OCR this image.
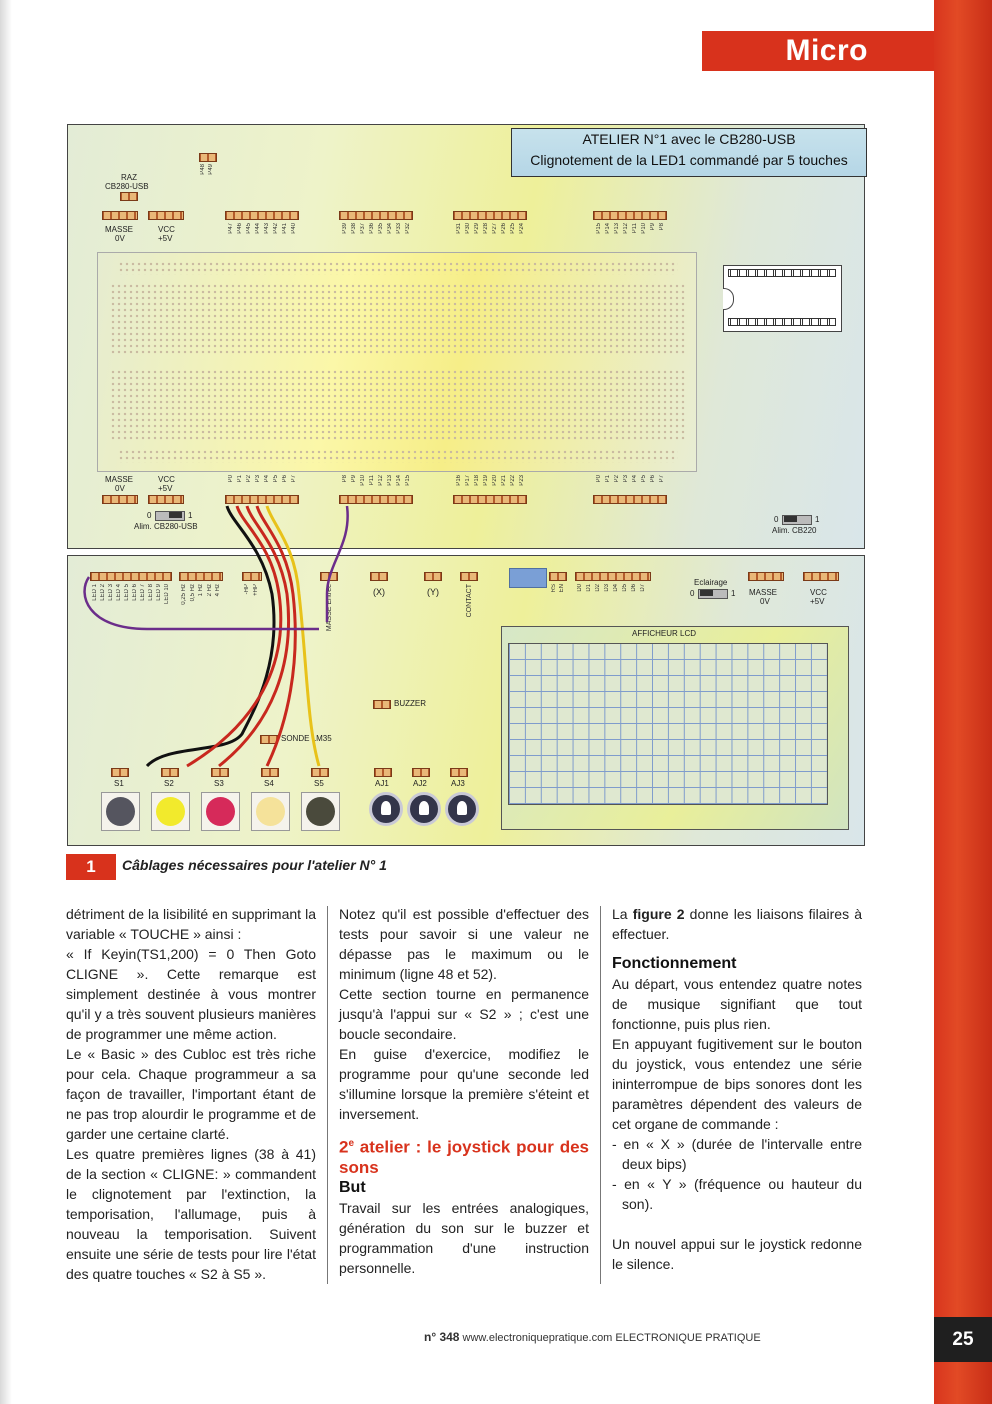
Micro
ATELIER N°1 avec le CB280-USB
Clignotement de la LED1 commandé par 5 touches
P48 P49
RAZ
CB280-USB
MASSE
0V
VCC
+5V
P47 P46 P45 P44 P43 P42 P41 P40	P39 P38 P37 P36 P35 P34 P33 P32	P31 P30 P29 P28 P27 P26 P25 P24	P15 P14 P13 P12 P11 P10 P9 P8
MASSE
0V
VCC
+5V
P0 P1 P2 P3 P4 P5 P6 P7	P8 P9 P10 P11 P12 P13 P14 P15	P16 P17 P18 P19 P20 P21 P22 P23	P0 P1 P2 P3 P4 P5 P6 P7
0	1
Alim. CB280-USB
0	1
Alim. CB220
LED 1 LED 2 LED 3 LED 4 LED 5 LED 6 LED 7 LED 8 LED 9 LED 10 0,25 Hz 0,5 Hz 1 Hz 2 Hz 4 Hz	-HP +HP	MASSE Entrée	(X)	(Y)	CONTACT	RS EN D0 D1 D2 D3 D4 D5 D6 D7
Eclairage
0	1 MASSE
0V
VCC
+5V
AFFICHEUR LCD
BUZZER
SONDE LM35
S1	S2	S3	S4	S5	AJ1	AJ2	AJ3
1	Câblages nécessaires pour l'atelier N° 1

détriment de la lisibilité en supprimant la variable « TOUCHE » ainsi :

« If Keyin(TS1,200) = 0 Then Goto CLIGNE ». Cette remarque est simplement destinée à vous montrer qu'il y a très souvent plusieurs manières de programmer une même action.

Le « Basic » des Cubloc est très riche pour cela. Chaque programmeur a sa façon de travailler, l'important étant de ne pas trop alourdir le programme et de garder une certaine clarté.

Les quatre premières lignes (38 à 41) de la section « CLIGNE: » commandent le clignotement par l'extinction, la temporisation, l'allumage, puis à nouveau la temporisation. Suivent ensuite une série de tests pour lire l'état des quatre touches « S2 à S5 ».

Notez qu'il est possible d'effectuer des tests pour savoir si une valeur ne dépasse pas le maximum ou le minimum (ligne 48 et 52).

Cette section tourne en permanence jusqu'à l'appui sur « S2 » ; c'est une boucle secondaire.

En guise d'exercice, modifiez le programme pour qu'une seconde led s'illumine lorsque la première s'éteint et inversement.

2e atelier : le joystick pour des sons
But

Travail sur les entrées analogiques, génération du son sur le buzzer et programmation d'une instruction personnelle.

La figure 2 donne les liaisons filaires à effectuer.

Fonctionnement

Au départ, vous entendez quatre notes de musique signifiant que tout fonctionne, puis plus rien.

En appuyant fugitivement sur le bouton du joystick, vous entendez une série ininterrompue de bips sonores dont les paramètres dépendent des valeurs de cet organe de commande :

- en « X » (durée de l'intervalle entre deux bips)

- en « Y » (fréquence ou hauteur du son).

Un nouvel appui sur le joystick redonne le silence.

n° 348 www.electroniquepratique.com ELECTRONIQUE PRATIQUE	25
